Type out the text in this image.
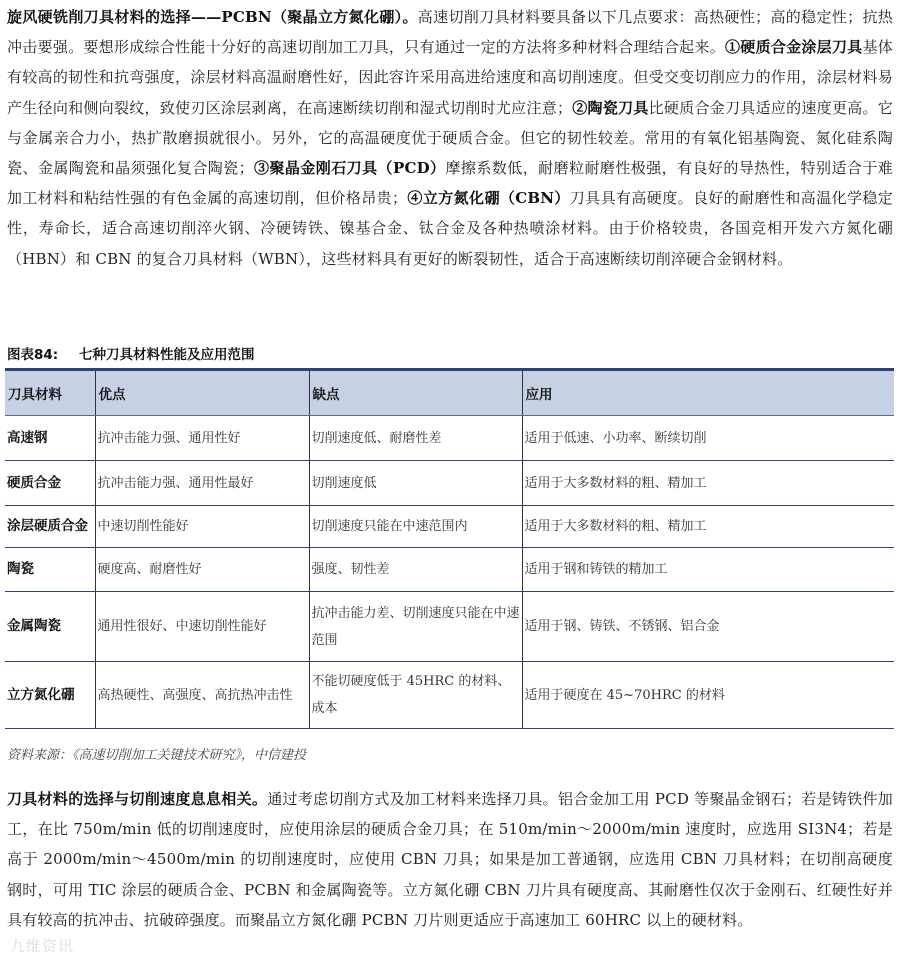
旋风硬铣削刀具材料的选择——PCBN（聚晶立方氮化硼）。高速切削刀具材料要具备以下几点要求：高热硬性；高的稳定性；抗热冲击要强。要想形成综合性能十分好的高速切削加工刀具，只有通过一定的方法将多种材料合理结合起来。①硬质合金涂层刀具基体有较高的韧性和抗弯强度，涂层材料高温耐磨性好，因此容许采用高进给速度和高切削速度。但受交变切削应力的作用，涂层材料易产生径向和侧向裂纹，致使刃区涂层剥离，在高速断续切削和湿式切削时尤应注意；②陶瓷刀具比硬质合金刀具适应的速度更高。它与金属亲合力小，热扩散磨损就很小。另外，它的高温硬度优于硬质合金。但它的韧性较差。常用的有氧化铝基陶瓷、氮化硅系陶瓷、金属陶瓷和晶须强化复合陶瓷；③聚晶金刚石刀具（PCD）摩擦系数低，耐磨粒耐磨性极强，有良好的导热性，特别适合于难加工材料和粘结性强的有色金属的高速切削，但价格昂贵；④立方氮化硼（CBN）刀具具有高硬度。良好的耐磨性和高温化学稳定性，寿命长，适合高速切削淬火钢、冷硬铸铁、镍基合金、钛合金及各种热喷涂材料。由于价格较贵，各国竞相开发六方氮化硼（HBN）和 CBN 的复合刀具材料（WBN），这些材料具有更好的断裂韧性，适合于高速断续切削淬硬合金钢材料。

图表84: 七种刀具材料性能及应用范围
刀具材料	优点	缺点	应用
高速钢	抗冲击能力强、通用性好	切削速度低、耐磨性差	适用于低速、小功率、断续切削
硬质合金	抗冲击能力强、通用性最好	切削速度低	适用于大多数材料的粗、精加工
涂层硬质合金	中速切削性能好	切削速度只能在中速范围内	适用于大多数材料的粗、精加工
陶瓷	硬度高、耐磨性好	强度、韧性差	适用于钢和铸铁的精加工
金属陶瓷	通用性很好、中速切削性能好	抗冲击能力差、切削速度只能在中速范围	适用于钢、铸铁、不锈钢、铝合金
立方氮化硼	高热硬性、高强度、高抗热冲击性	不能切硬度低于 45HRC 的材料、成本	适用于硬度在 45~70HRC 的材料
资料来源：《高速切削加工关键技术研究》，中信建投

刀具材料的选择与切削速度息息相关。通过考虑切削方式及加工材料来选择刀具。铝合金加工用 PCD 等聚晶金钢石；若是铸铁件加工，在比 750m/min 低的切削速度时，应使用涂层的硬质合金刀具；在 510m/min～2000m/min 速度时，应选用 SI3N4；若是高于 2000m/min～4500m/min 的切削速度时，应使用 CBN 刀具；如果是加工普通钢，应选用 CBN 刀具材料；在切削高硬度钢时，可用 TIC 涂层的硬质合金、PCBN 和金属陶瓷等。立方氮化硼 CBN 刀片具有硬度高、其耐磨性仅次于金刚石、红硬性好并具有较高的抗冲击、抗破碎强度。而聚晶立方氮化硼 PCBN 刀片则更适应于高速加工 60HRC 以上的硬材料。

九维资讯
